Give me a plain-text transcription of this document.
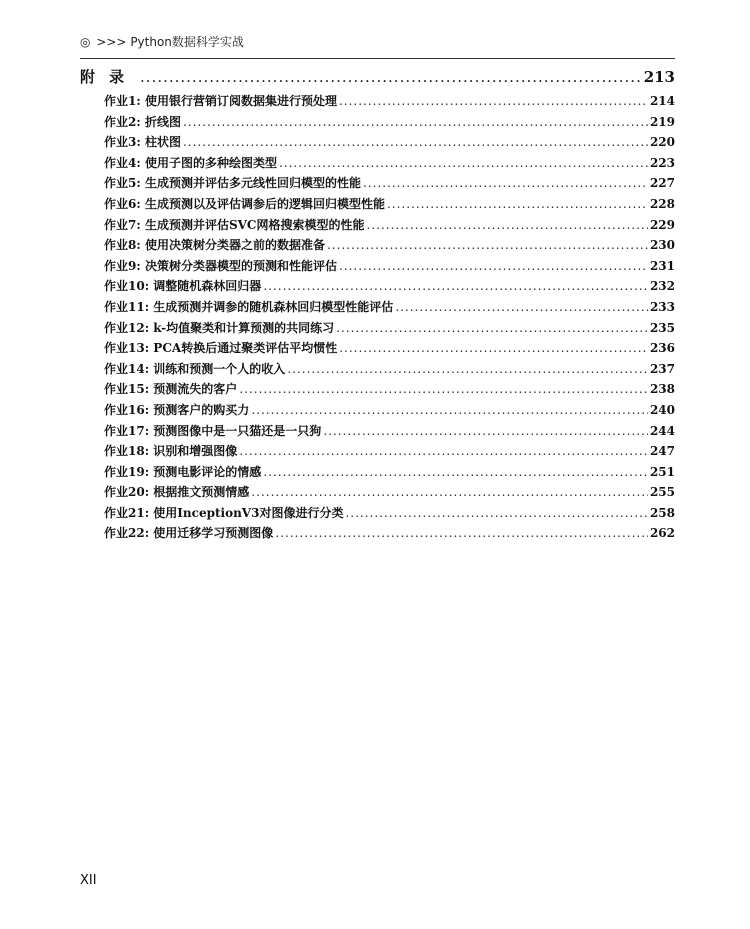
◎ >>> Python数据科学实战
附录 .....	213
作业1: 使用银行营销订阅数据集进行预处理 .....	214
作业2: 折线图 .....	219
作业3: 柱状图 .....	220
作业4: 使用子图的多种绘图类型 .....	223
作业5: 生成预测并评估多元线性回归模型的性能 .....	227
作业6: 生成预测以及评估调参后的逻辑回归模型性能 .....	228
作业7: 生成预测并评估SVC网格搜索模型的性能 .....	229
作业8: 使用决策树分类器之前的数据准备 .....	230
作业9: 决策树分类器模型的预测和性能评估 .....	231
作业10: 调整随机森林回归器 .....	232
作业11: 生成预测并调参的随机森林回归模型性能评估 .....	233
作业12: k-均值聚类和计算预测的共同练习 .....	235
作业13: PCA转换后通过聚类评估平均惯性 .....	236
作业14: 训练和预测一个人的收入 .....	237
作业15: 预测流失的客户 .....	238
作业16: 预测客户的购买力 .....	240
作业17: 预测图像中是一只猫还是一只狗 .....	244
作业18: 识别和增强图像 .....	247
作业19: 预测电影评论的情感 .....	251
作业20: 根据推文预测情感 .....	255
作业21: 使用InceptionV3对图像进行分类 .....	258
作业22: 使用迁移学习预测图像 .....	262
XII
